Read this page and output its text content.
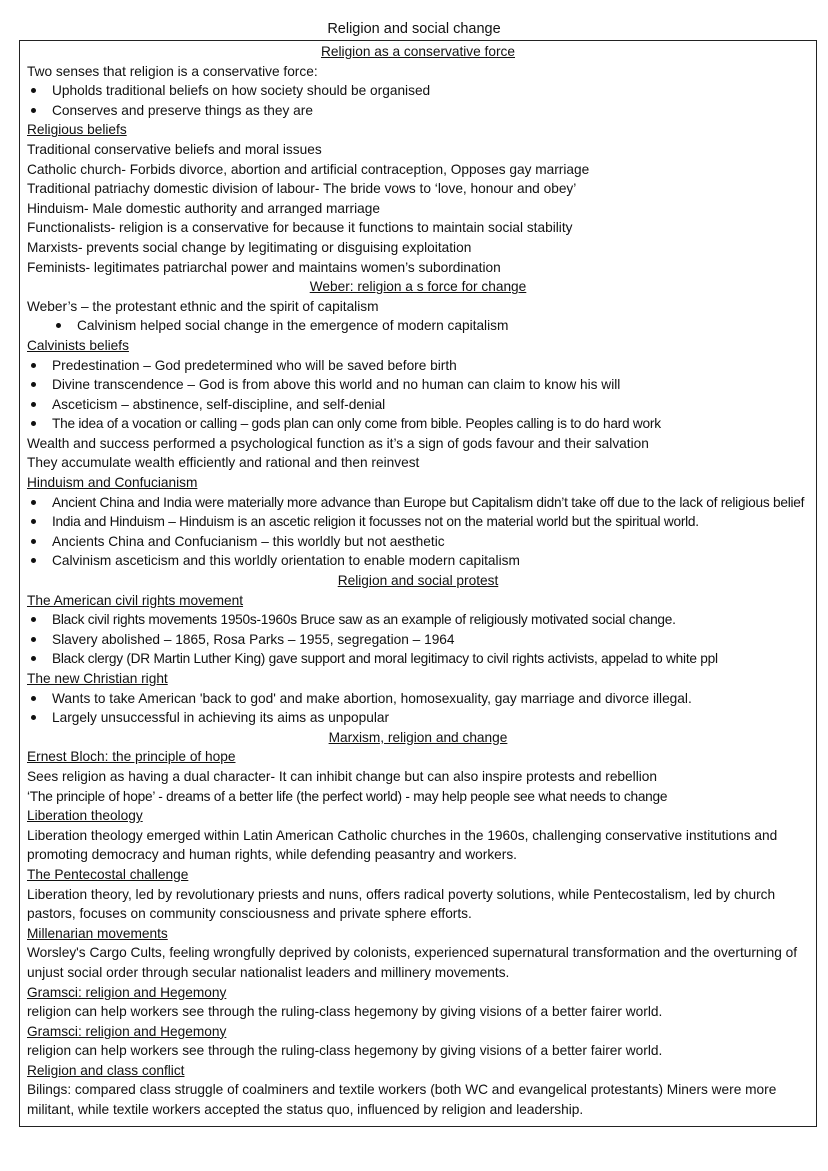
Religion and social change
Religion as a conservative force
Two senses that religion is a conservative force:
Upholds traditional beliefs on how society should be organised
Conserves and preserve things as they are
Religious beliefs
Traditional conservative beliefs and moral issues
Catholic church- Forbids divorce, abortion and artificial contraception, Opposes gay marriage
Traditional patriachy domestic division of labour- The bride vows to ‘love, honour and obey’
Hinduism- Male domestic authority and arranged marriage
Functionalists- religion is a conservative for because it functions to maintain social stability
Marxists- prevents social change by legitimating or disguising exploitation
Feminists- legitimates patriarchal power and maintains women’s subordination
Weber: religion a s force for change
Weber’s – the protestant ethnic and the spirit of capitalism
Calvinism helped social change in the emergence of modern capitalism
Calvinists beliefs
Predestination – God predetermined who will be saved before birth
Divine transcendence – God is from above this world and no human can claim to know his will
Asceticism – abstinence, self-discipline, and self-denial
The idea of a vocation or calling – gods plan can only come from bible. Peoples calling is to do hard work
Wealth and success performed a psychological function as it’s a sign of gods favour and their salvation
They accumulate wealth efficiently and rational and then reinvest
Hinduism and Confucianism
Ancient China and India were materially more advance than Europe but Capitalism didn’t take off due to the lack of religious belief
India and Hinduism – Hinduism is an ascetic religion it focusses not on the material world but the spiritual world.
Ancients China and Confucianism – this worldly but not aesthetic
Calvinism asceticism and this worldly orientation to enable modern capitalism
Religion and social protest
The American civil rights movement
Black civil rights movements 1950s-1960s Bruce saw as an example of religiously motivated social change.
Slavery abolished – 1865, Rosa Parks – 1955, segregation – 1964
Black clergy (DR Martin Luther King) gave support and moral legitimacy to civil rights activists, appelad to white ppl
The new Christian right
Wants to take American 'back to god' and make abortion, homosexuality, gay marriage and divorce illegal.
Largely unsuccessful in achieving its aims as unpopular
Marxism, religion and change
Ernest Bloch: the principle of hope
Sees religion as having a dual character- It can inhibit change but can also inspire protests and rebellion
‘The principle of hope’ - dreams of a better life (the perfect world) - may help people see what needs to change
Liberation theology
Liberation theology emerged within Latin American Catholic churches in the 1960s, challenging conservative institutions and promoting democracy and human rights, while defending peasantry and workers.
The Pentecostal challenge
Liberation theory, led by revolutionary priests and nuns, offers radical poverty solutions, while Pentecostalism, led by church pastors, focuses on community consciousness and private sphere efforts.
Millenarian movements
Worsley's Cargo Cults, feeling wrongfully deprived by colonists, experienced supernatural transformation and the overturning of unjust social order through secular nationalist leaders and millinery movements.
Gramsci: religion and Hegemony
religion can help workers see through the ruling-class hegemony by giving visions of a better fairer world.
Gramsci: religion and Hegemony
religion can help workers see through the ruling-class hegemony by giving visions of a better fairer world.
Religion and class conflict
Bilings: compared class struggle of coalminers and textile workers (both WC and evangelical protestants) Miners were more militant, while textile workers accepted the status quo, influenced by religion and leadership.
